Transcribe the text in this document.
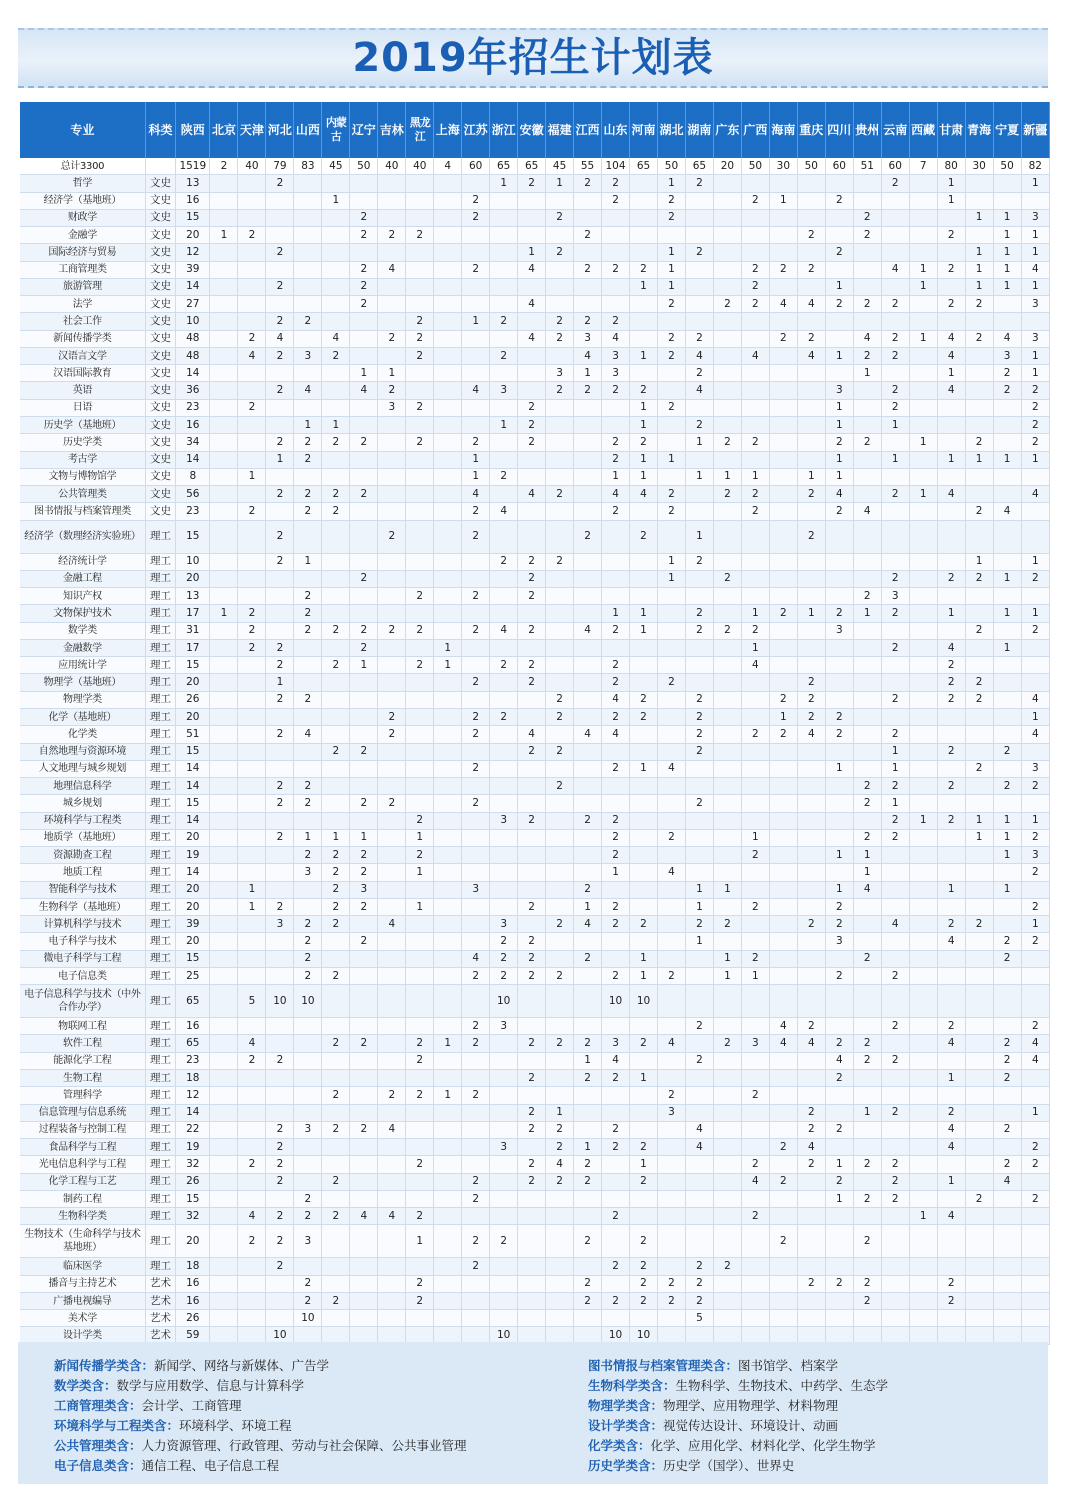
2019年招生计划表
专业	科类	陕西	北京	天津	河北	山西	内蒙古	辽宁	吉林	黑龙江	上海	江苏	浙江	安徽	福建	江西	山东	河南	湖北	湖南	广东	广西	海南	重庆	四川	贵州	云南	西藏	甘肃	青海	宁夏	新疆
总计3300		1519	2	40	79	83	45	50	40	40	4	60	65	65	45	55	104	65	50	65	20	50	30	50	60	51	60	7	80	30	50	82
哲学	文史	13			2								1	2	1	2	2		1	2							2		1			1
经济学（基地班）	文史	16					1					2					2		2			2	1		2				1			
财政学	文史	15						2				2			2				2							2				1	1	3
金融学	文史	20	1	2				2	2	2						2								2		2			2		1	1
国际经济与贸易	文史	12			2									1	2				1	2					2					1	1	1
工商管理类	文史	39						2	4			2		4		2	2	2	1			2	2	2			4	1	2	1	1	4
旅游管理	文史	14			2			2										1	1			2			1			1		1	1	1
法学	文史	27						2						4					2		2	2	4	4	2	2	2		2	2		3
社会工作	文史	10			2	2				2		1	2		2	2	2															
新闻传播学类	文史	48		2	4		4		2	2				4	2	3	4		2	2			2	2		4	2	1	4	2	4	3
汉语言文学	文史	48		4	2	3	2			2			2			4	3	1	2	4		4		4	1	2	2		4		3	1
汉语国际教育	文史	14						1	1						3	1	3			2						1			1		2	1
英语	文史	36			2	4		4	2			4	3		2	2	2	2		4					3		2		4		2	2
日语	文史	23		2					3	2				2				1	2						1		2					2
历史学（基地班）	文史	16				1	1						1	2				1		2					1		1					2
历史学类	文史	34			2	2	2	2		2		2		2			2	2		1	2	2			2	2		1		2		2
考古学	文史	14			1	2						1					2	1	1						1		1		1	1	1	1
文物与博物馆学	文史	8		1								1	2				1	1		1	1	1		1	1							
公共管理类	文史	56			2	2	2	2				4		4	2		4	4	2		2	2		2	4		2	1	4			4
图书情报与档案管理类	文史	23		2		2	2					2	4				2		2			2			2	4				2	4	
经济学（数理经济实验班）	理工	15			2				2			2				2		2		1				2								
经济统计学	理工	10			2	1							2	2	2				1	2										1		1
金融工程	理工	20						2						2					1		2						2		2	2	1	2
知识产权	理工	13				2				2		2		2												2	3					
文物保护技术	理工	17	1	2		2											1	1		2		1	2	1	2	1	2		1		1	1
数学类	理工	31		2		2	2	2	2	2		2	4	2		4	2	1		2	2	2			3					2		2
金融数学	理工	17		2	2			2			1											1					2		4		1	
应用统计学	理工	15			2		2	1		2	1		2	2			2					4							2			
物理学（基地班）	理工	20			1							2		2			2		2					2					2	2		
物理学类	理工	26			2	2									2		4	2		2			2	2			2		2	2		4
化学（基地班）	理工	20							2			2	2		2		2	2		2			1	2	2							1
化学类	理工	51			2	4			2			2		4		4	4			2		2	2	4	2		2					4
自然地理与资源环境	理工	15					2	2						2	2					2							1		2		2	
人文地理与城乡规划	理工	14										2					2	1	4						1		1			2		3
地理信息科学	理工	14			2	2									2											2	2		2		2	2
城乡规划	理工	15			2	2		2	2			2								2						2	1					
环境科学与工程类	理工	14								2			3	2		2	2										2	1	2	1	1	1
地质学（基地班）	理工	20			2	1	1	1		1							2		2			1				2	2			1	1	2
资源勘查工程	理工	19				2	2	2		2							2					2			1	1					1	3
地质工程	理工	14				3	2	2		1							1		4							1						2
智能科学与技术	理工	20		1			2	3				3				2				1	1				1	4			1		1	
生物科学（基地班）	理工	20		1	2		2	2		1				2		1	2			1		2			2							2
计算机科学与技术	理工	39			3	2	2		4				3		2	4	2	2		2	2			2	2		4		2	2		1
电子科学与技术	理工	20				2		2					2	2						1					3				4		2	2
微电子科学与工程	理工	15				2						4	2	2		2		1			1	2				2					2	
电子信息类	理工	25				2	2					2	2	2	2		2	1	2		1	1			2		2					
电子信息科学与技术（中外合作办学）	理工	65		5	10	10							10				10	10														
物联网工程	理工	16										2	3							2			4	2			2		2			2
软件工程	理工	65		4			2	2		2	1	2		2	2	2	3	2	4		2	3	4	4	2	2			4		2	4
能源化学工程	理工	23		2	2					2						1	4			2					4	2	2				2	4
生物工程	理工	18												2		2	2	1							2				1		2	
管理科学	理工	12					2		2	2	1	2							2			2										
信息管理与信息系统	理工	14												2	1				3					2		1	2		2			1
过程装备与控制工程	理工	22			2	3	2	2	4					2	2		2			4				2	2				4		2	
食品科学与工程	理工	19			2								3		2	1	2	2		4			2	4					4			2
光电信息科学与工程	理工	32		2	2					2				2	4	2		1				2		2	1	2	2				2	2
化学工程与工艺	理工	26			2		2					2		2	2	2		2				4	2		2		2		1		4	
制药工程	理工	15				2						2													1	2	2			2		2
生物科学类	理工	32		4	2	2	2	4	4	2							2					2						1	4			
生物技术（生命科学与技术基地班）	理工	20		2	2	3				1		2	2			2		2					2			2						
临床医学	理工	18			2							2					2	2		2	2											
播音与主持艺术	艺术	16				2				2						2		2	2	2				2	2	2			2			
广播电视编导	艺术	16				2	2			2						2	2	2	2	2						2			2			
美术学	艺术	26				10														5												
设计学类	艺术	59			10								10				10	10														
新闻传播学类含：新闻学、网络与新媒体、广告学
数学类含：数学与应用数学、信息与计算科学
工商管理类含：会计学、工商管理
环境科学与工程类含：环境科学、环境工程
公共管理类含：人力资源管理、行政管理、劳动与社会保障、公共事业管理
电子信息类含：通信工程、电子信息工程
图书情报与档案管理类含：图书馆学、档案学
生物科学类含：生物科学、生物技术、中药学、生态学
物理学类含：物理学、应用物理学、材料物理
设计学类含：视觉传达设计、环境设计、动画
化学类含：化学、应用化学、材料化学、化学生物学
历史学类含：历史学（国学）、世界史
